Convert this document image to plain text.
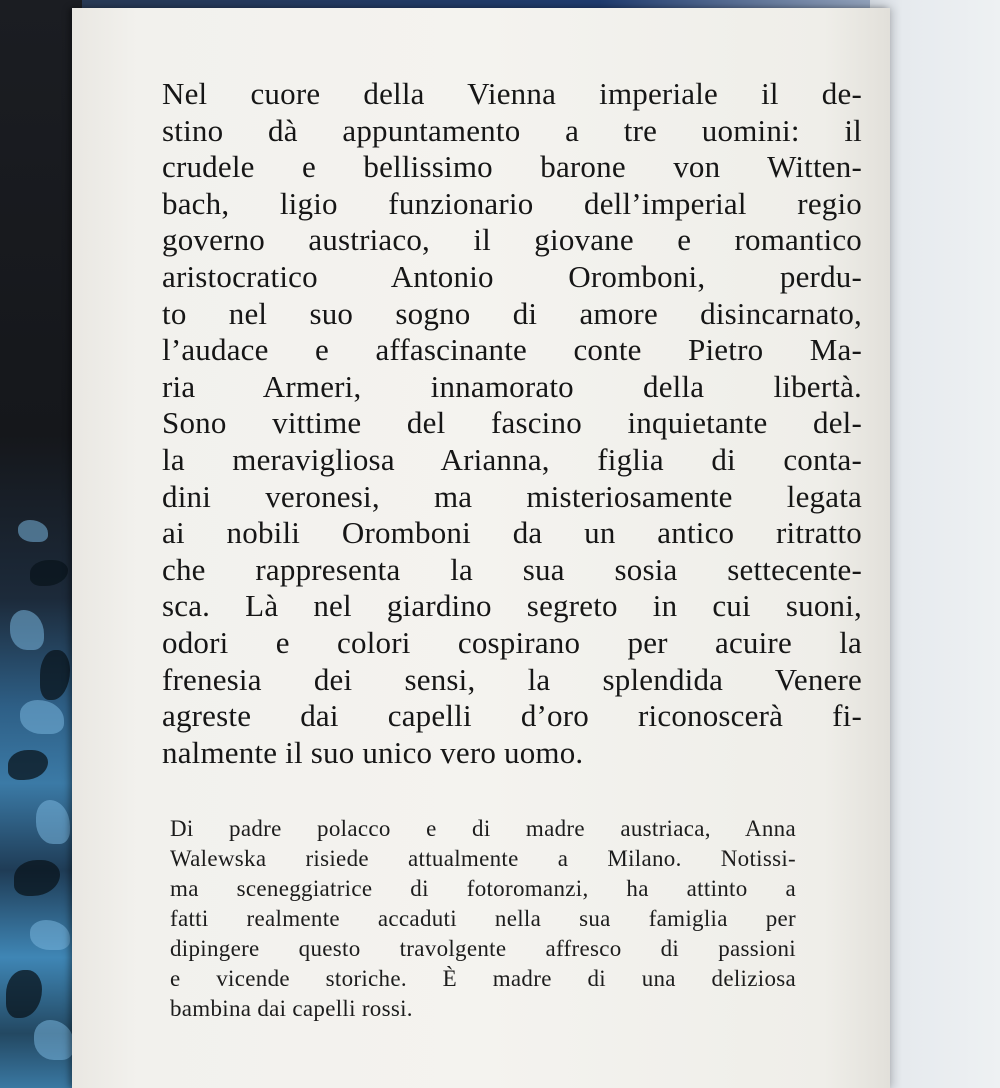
Nel cuore della Vienna imperiale il de-
stino dà appuntamento a tre uomini: il
crudele e bellissimo barone von Witten-
bach, ligio funzionario dell’imperial regio
governo austriaco, il giovane e romantico
aristocratico Antonio Oromboni, perdu-
to nel suo sogno di amore disincarnato,
l’audace e affascinante conte Pietro Ma-
ria Armeri, innamorato della libertà.
Sono vittime del fascino inquietante del-
la meravigliosa Arianna, figlia di conta-
dini veronesi, ma misteriosamente legata
ai nobili Oromboni da un antico ritratto
che rappresenta la sua sosia settecente-
sca. Là nel giardino segreto in cui suoni,
odori e colori cospirano per acuire la
frenesia dei sensi, la splendida Venere
agreste dai capelli d’oro riconoscerà fi-
nalmente il suo unico vero uomo.

Di padre polacco e di madre austriaca, Anna
Walewska risiede attualmente a Milano. Notissi-
ma sceneggiatrice di fotoromanzi, ha attinto a
fatti realmente accaduti nella sua famiglia per
dipingere questo travolgente affresco di passioni
e vicende storiche. È madre di una deliziosa
bambina dai capelli rossi.
